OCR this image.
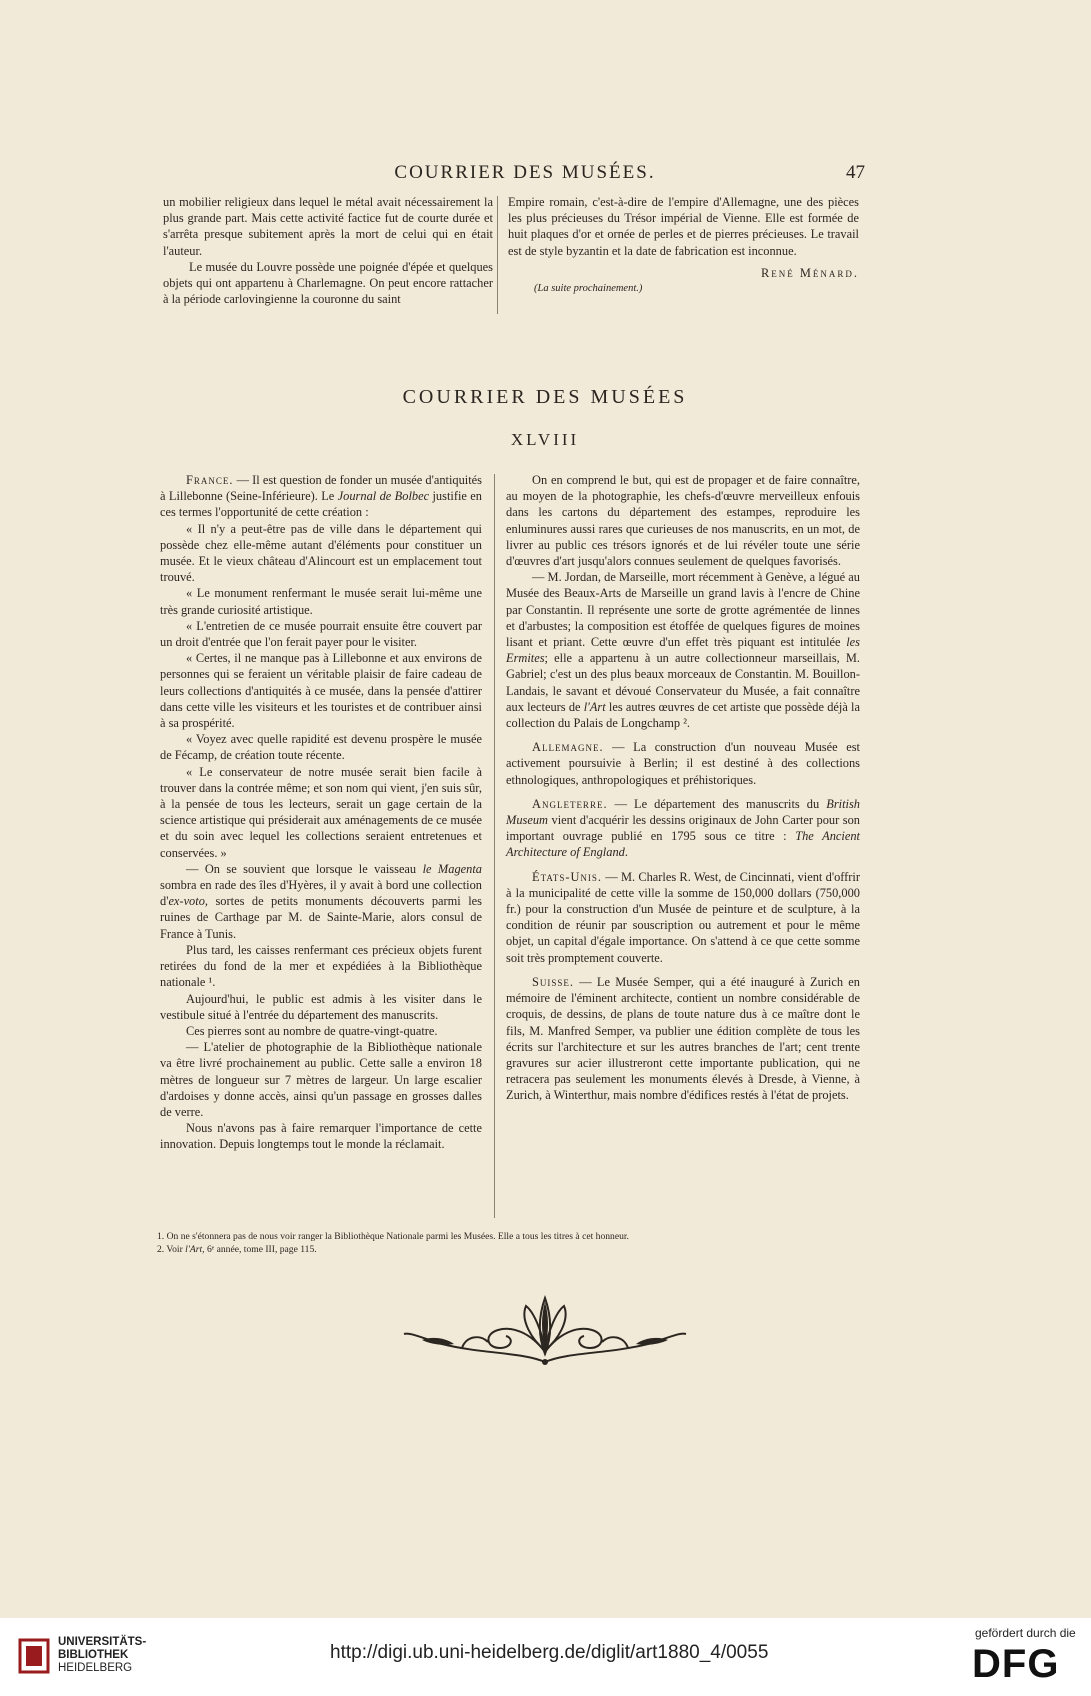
COURRIER DES MUSÉES.	47

un mobilier religieux dans lequel le métal avait nécessairement la plus grande part. Mais cette activité factice fut de courte durée et s'arrêta presque subitement après la mort de celui qui en était l'auteur.

Le musée du Louvre possède une poignée d'épée et quelques objets qui ont appartenu à Charlemagne. On peut encore rattacher à la période carlovingienne la couronne du saint

Empire romain, c'est-à-dire de l'empire d'Allemagne, une des pièces les plus précieuses du Trésor impérial de Vienne. Elle est formée de huit plaques d'or et ornée de perles et de pierres précieuses. Le travail est de style byzantin et la date de fabrication est inconnue.

René Ménard.
(La suite prochainement.)
COURRIER DES MUSÉES
XLVIII

France. — Il est question de fonder un musée d'antiquités à Lillebonne (Seine-Inférieure). Le Journal de Bolbec justifie en ces termes l'opportunité de cette création :

« Il n'y a peut-être pas de ville dans le département qui possède chez elle-même autant d'éléments pour constituer un musée. Et le vieux château d'Alincourt est un emplacement tout trouvé.

« Le monument renfermant le musée serait lui-même une très grande curiosité artistique.

« L'entretien de ce musée pourrait ensuite être couvert par un droit d'entrée que l'on ferait payer pour le visiter.

« Certes, il ne manque pas à Lillebonne et aux environs de personnes qui se feraient un véritable plaisir de faire cadeau de leurs collections d'antiquités à ce musée, dans la pensée d'attirer dans cette ville les visiteurs et les touristes et de contribuer ainsi à sa prospérité.

« Voyez avec quelle rapidité est devenu prospère le musée de Fécamp, de création toute récente.

« Le conservateur de notre musée serait bien facile à trouver dans la contrée même; et son nom qui vient, j'en suis sûr, à la pensée de tous les lecteurs, serait un gage certain de la science artistique qui présiderait aux aménagements de ce musée et du soin avec lequel les collections seraient entretenues et conservées. »

— On se souvient que lorsque le vaisseau le Magenta sombra en rade des îles d'Hyères, il y avait à bord une collection d'ex-voto, sortes de petits monuments découverts parmi les ruines de Carthage par M. de Sainte-Marie, alors consul de France à Tunis.

Plus tard, les caisses renfermant ces précieux objets furent retirées du fond de la mer et expédiées à la Bibliothèque nationale ¹.

Aujourd'hui, le public est admis à les visiter dans le vestibule situé à l'entrée du département des manuscrits.

Ces pierres sont au nombre de quatre-vingt-quatre.

— L'atelier de photographie de la Bibliothèque nationale va être livré prochainement au public. Cette salle a environ 18 mètres de longueur sur 7 mètres de largeur. Un large escalier d'ardoises y donne accès, ainsi qu'un passage en grosses dalles de verre.

Nous n'avons pas à faire remarquer l'importance de cette innovation. Depuis longtemps tout le monde la réclamait.

On en comprend le but, qui est de propager et de faire connaître, au moyen de la photographie, les chefs-d'œuvre merveilleux enfouis dans les cartons du département des estampes, reproduire les enluminures aussi rares que curieuses de nos manuscrits, en un mot, de livrer au public ces trésors ignorés et de lui révéler toute une série d'œuvres d'art jusqu'alors connues seulement de quelques favorisés.

— M. Jordan, de Marseille, mort récemment à Genève, a légué au Musée des Beaux-Arts de Marseille un grand lavis à l'encre de Chine par Constantin. Il représente une sorte de grotte agrémentée de linnes et d'arbustes; la composition est étoffée de quelques figures de moines lisant et priant. Cette œuvre d'un effet très piquant est intitulée les Ermites; elle a appartenu à un autre collectionneur marseillais, M. Gabriel; c'est un des plus beaux morceaux de Constantin. M. Bouillon-Landais, le savant et dévoué Conservateur du Musée, a fait connaître aux lecteurs de l'Art les autres œuvres de cet artiste que possède déjà la collection du Palais de Longchamp ².

Allemagne. — La construction d'un nouveau Musée est activement poursuivie à Berlin; il est destiné à des collections ethnologiques, anthropologiques et préhistoriques.

Angleterre. — Le département des manuscrits du British Museum vient d'acquérir les dessins originaux de John Carter pour son important ouvrage publié en 1795 sous ce titre : The Ancient Architecture of England.

États-Unis. — M. Charles R. West, de Cincinnati, vient d'offrir à la municipalité de cette ville la somme de 150,000 dollars (750,000 fr.) pour la construction d'un Musée de peinture et de sculpture, à la condition de réunir par souscription ou autrement et pour le même objet, un capital d'égale importance. On s'attend à ce que cette somme soit très promptement couverte.

Suisse. — Le Musée Semper, qui a été inauguré à Zurich en mémoire de l'éminent architecte, contient un nombre considérable de croquis, de dessins, de plans de toute nature dus à ce maître dont le fils, M. Manfred Semper, va publier une édition complète de tous les écrits sur l'architecture et sur les autres branches de l'art; cent trente gravures sur acier illustreront cette importante publication, qui ne retracera pas seulement les monuments élevés à Dresde, à Vienne, à Zurich, à Winterthur, mais nombre d'édifices restés à l'état de projets.

1. On ne s'étonnera pas de nous voir ranger la Bibliothèque Nationale parmi les Musées. Elle a tous les titres à cet honneur.

2. Voir l'Art, 6ᵉ année, tome III, page 115.

UNIVERSITÄTS-
BIBLIOTHEK
HEIDELBERG
http://digi.ub.uni-heidelberg.de/diglit/art1880_4/0055
gefördert durch die
DFG
